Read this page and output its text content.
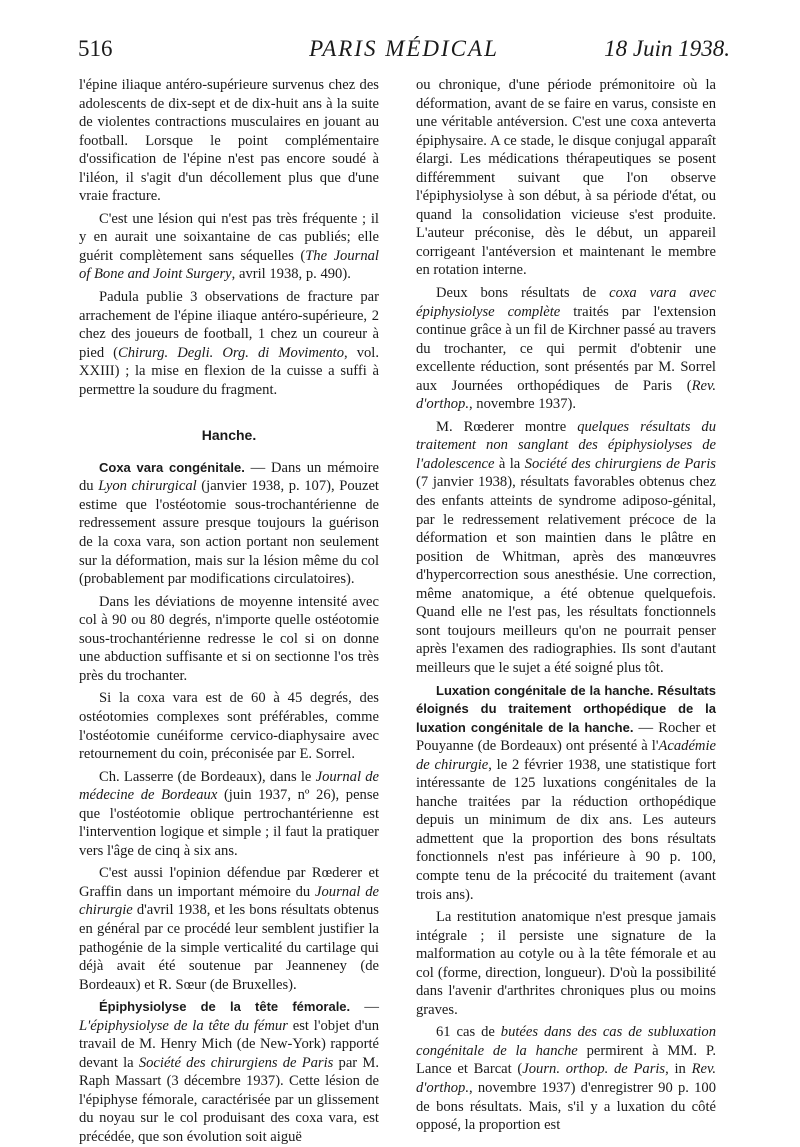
516	PARIS MÉDICAL	18 Juin 1938.

l'épine iliaque antéro-supérieure survenus chez des adolescents de dix-sept et de dix-huit ans à la suite de violentes contractions musculaires en jouant au football. Lorsque le point complémentaire d'ossification de l'épine n'est pas encore soudé à l'iléon, il s'agit d'un décollement plus que d'une vraie fracture.

C'est une lésion qui n'est pas très fréquente ; il y en aurait une soixantaine de cas publiés; elle guérit complètement sans séquelles (The Journal of Bone and Joint Surgery, avril 1938, p. 490).

Padula publie 3 observations de fracture par arrachement de l'épine iliaque antéro-supérieure, 2 chez des joueurs de football, 1 chez un coureur à pied (Chirurg. Degli. Org. di Movimento, vol. XXIII) ; la mise en flexion de la cuisse a suffi à permettre la soudure du fragment.

Hanche.

Coxa vara congénitale. — Dans un mémoire du Lyon chirurgical (janvier 1938, p. 107), Pouzet estime que l'ostéotomie sous-trochantérienne de redressement assure presque toujours la guérison de la coxa vara, son action portant non seulement sur la déformation, mais sur la lésion même du col (probablement par modifications circulatoires).

Dans les déviations de moyenne intensité avec col à 90 ou 80 degrés, n'importe quelle ostéotomie sous-trochantérienne redresse le col si on donne une abduction suffisante et si on sectionne l'os très près du trochanter.

Si la coxa vara est de 60 à 45 degrés, des ostéotomies complexes sont préférables, comme l'ostéotomie cunéiforme cervico-diaphysaire avec retournement du coin, préconisée par E. Sorrel.

Ch. Lasserre (de Bordeaux), dans le Journal de médecine de Bordeaux (juin 1937, nº 26), pense que l'ostéotomie oblique pertrochantérienne est l'intervention logique et simple ; il faut la pratiquer vers l'âge de cinq à six ans.

C'est aussi l'opinion défendue par Rœderer et Graffin dans un important mémoire du Journal de chirurgie d'avril 1938, et les bons résultats obtenus en général par ce procédé leur semblent justifier la pathogénie de la simple verticalité du cartilage qui déjà avait été soutenue par Jeanneney (de Bordeaux) et R. Sœur (de Bruxelles).

Épiphysiolyse de la tête fémorale. — L'épiphysiolyse de la tête du fémur est l'objet d'un travail de M. Henry Mich (de New-York) rapporté devant la Société des chirurgiens de Paris par M. Raph Massart (3 décembre 1937). Cette lésion de l'épiphyse fémorale, caractérisée par un glissement du noyau sur le col produisant des coxa vara, est précédée, que son évolution soit aiguë

ou chronique, d'une période prémonitoire où la déformation, avant de se faire en varus, consiste en une véritable antéversion. C'est une coxa anteverta épiphysaire. A ce stade, le disque conjugal apparaît élargi. Les médications thérapeutiques se posent différemment suivant que l'on observe l'épiphysiolyse à son début, à sa période d'état, ou quand la consolidation vicieuse s'est produite. L'auteur préconise, dès le début, un appareil corrigeant l'antéversion et maintenant le membre en rotation interne.

Deux bons résultats de coxa vara avec épiphysiolyse complète traités par l'extension continue grâce à un fil de Kirchner passé au travers du trochanter, ce qui permit d'obtenir une excellente réduction, sont présentés par M. Sorrel aux Journées orthopédiques de Paris (Rev. d'orthop., novembre 1937).

M. Rœderer montre quelques résultats du traitement non sanglant des épiphysiolyses de l'adolescence à la Société des chirurgiens de Paris (7 janvier 1938), résultats favorables obtenus chez des enfants atteints de syndrome adiposo-génital, par le redressement relativement précoce de la déformation et son maintien dans le plâtre en position de Whitman, après des manœuvres d'hypercorrection sous anesthésie. Une correction, même anatomique, a été obtenue quelquefois. Quand elle ne l'est pas, les résultats fonctionnels sont toujours meilleurs qu'on ne pourrait penser après l'examen des radiographies. Ils sont d'autant meilleurs que le sujet a été soigné plus tôt.

Luxation congénitale de la hanche. Résultats éloignés du traitement orthopédique de la luxation congénitale de la hanche. — Rocher et Pouyanne (de Bordeaux) ont présenté à l'Académie de chirurgie, le 2 février 1938, une statistique fort intéressante de 125 luxations congénitales de la hanche traitées par la réduction orthopédique depuis un minimum de dix ans. Les auteurs admettent que la proportion des bons résultats fonctionnels n'est pas inférieure à 90 p. 100, compte tenu de la précocité du traitement (avant trois ans).

La restitution anatomique n'est presque jamais intégrale ; il persiste une signature de la malformation au cotyle ou à la tête fémorale et au col (forme, direction, longueur). D'où la possibilité dans l'avenir d'arthrites chroniques plus ou moins graves.

61 cas de butées dans des cas de subluxation congénitale de la hanche permirent à MM. P. Lance et Barcat (Journ. orthop. de Paris, in Rev. d'orthop., novembre 1937) d'enregistrer 90 p. 100 de bons résultats. Mais, s'il y a luxation du côté opposé, la proportion est
